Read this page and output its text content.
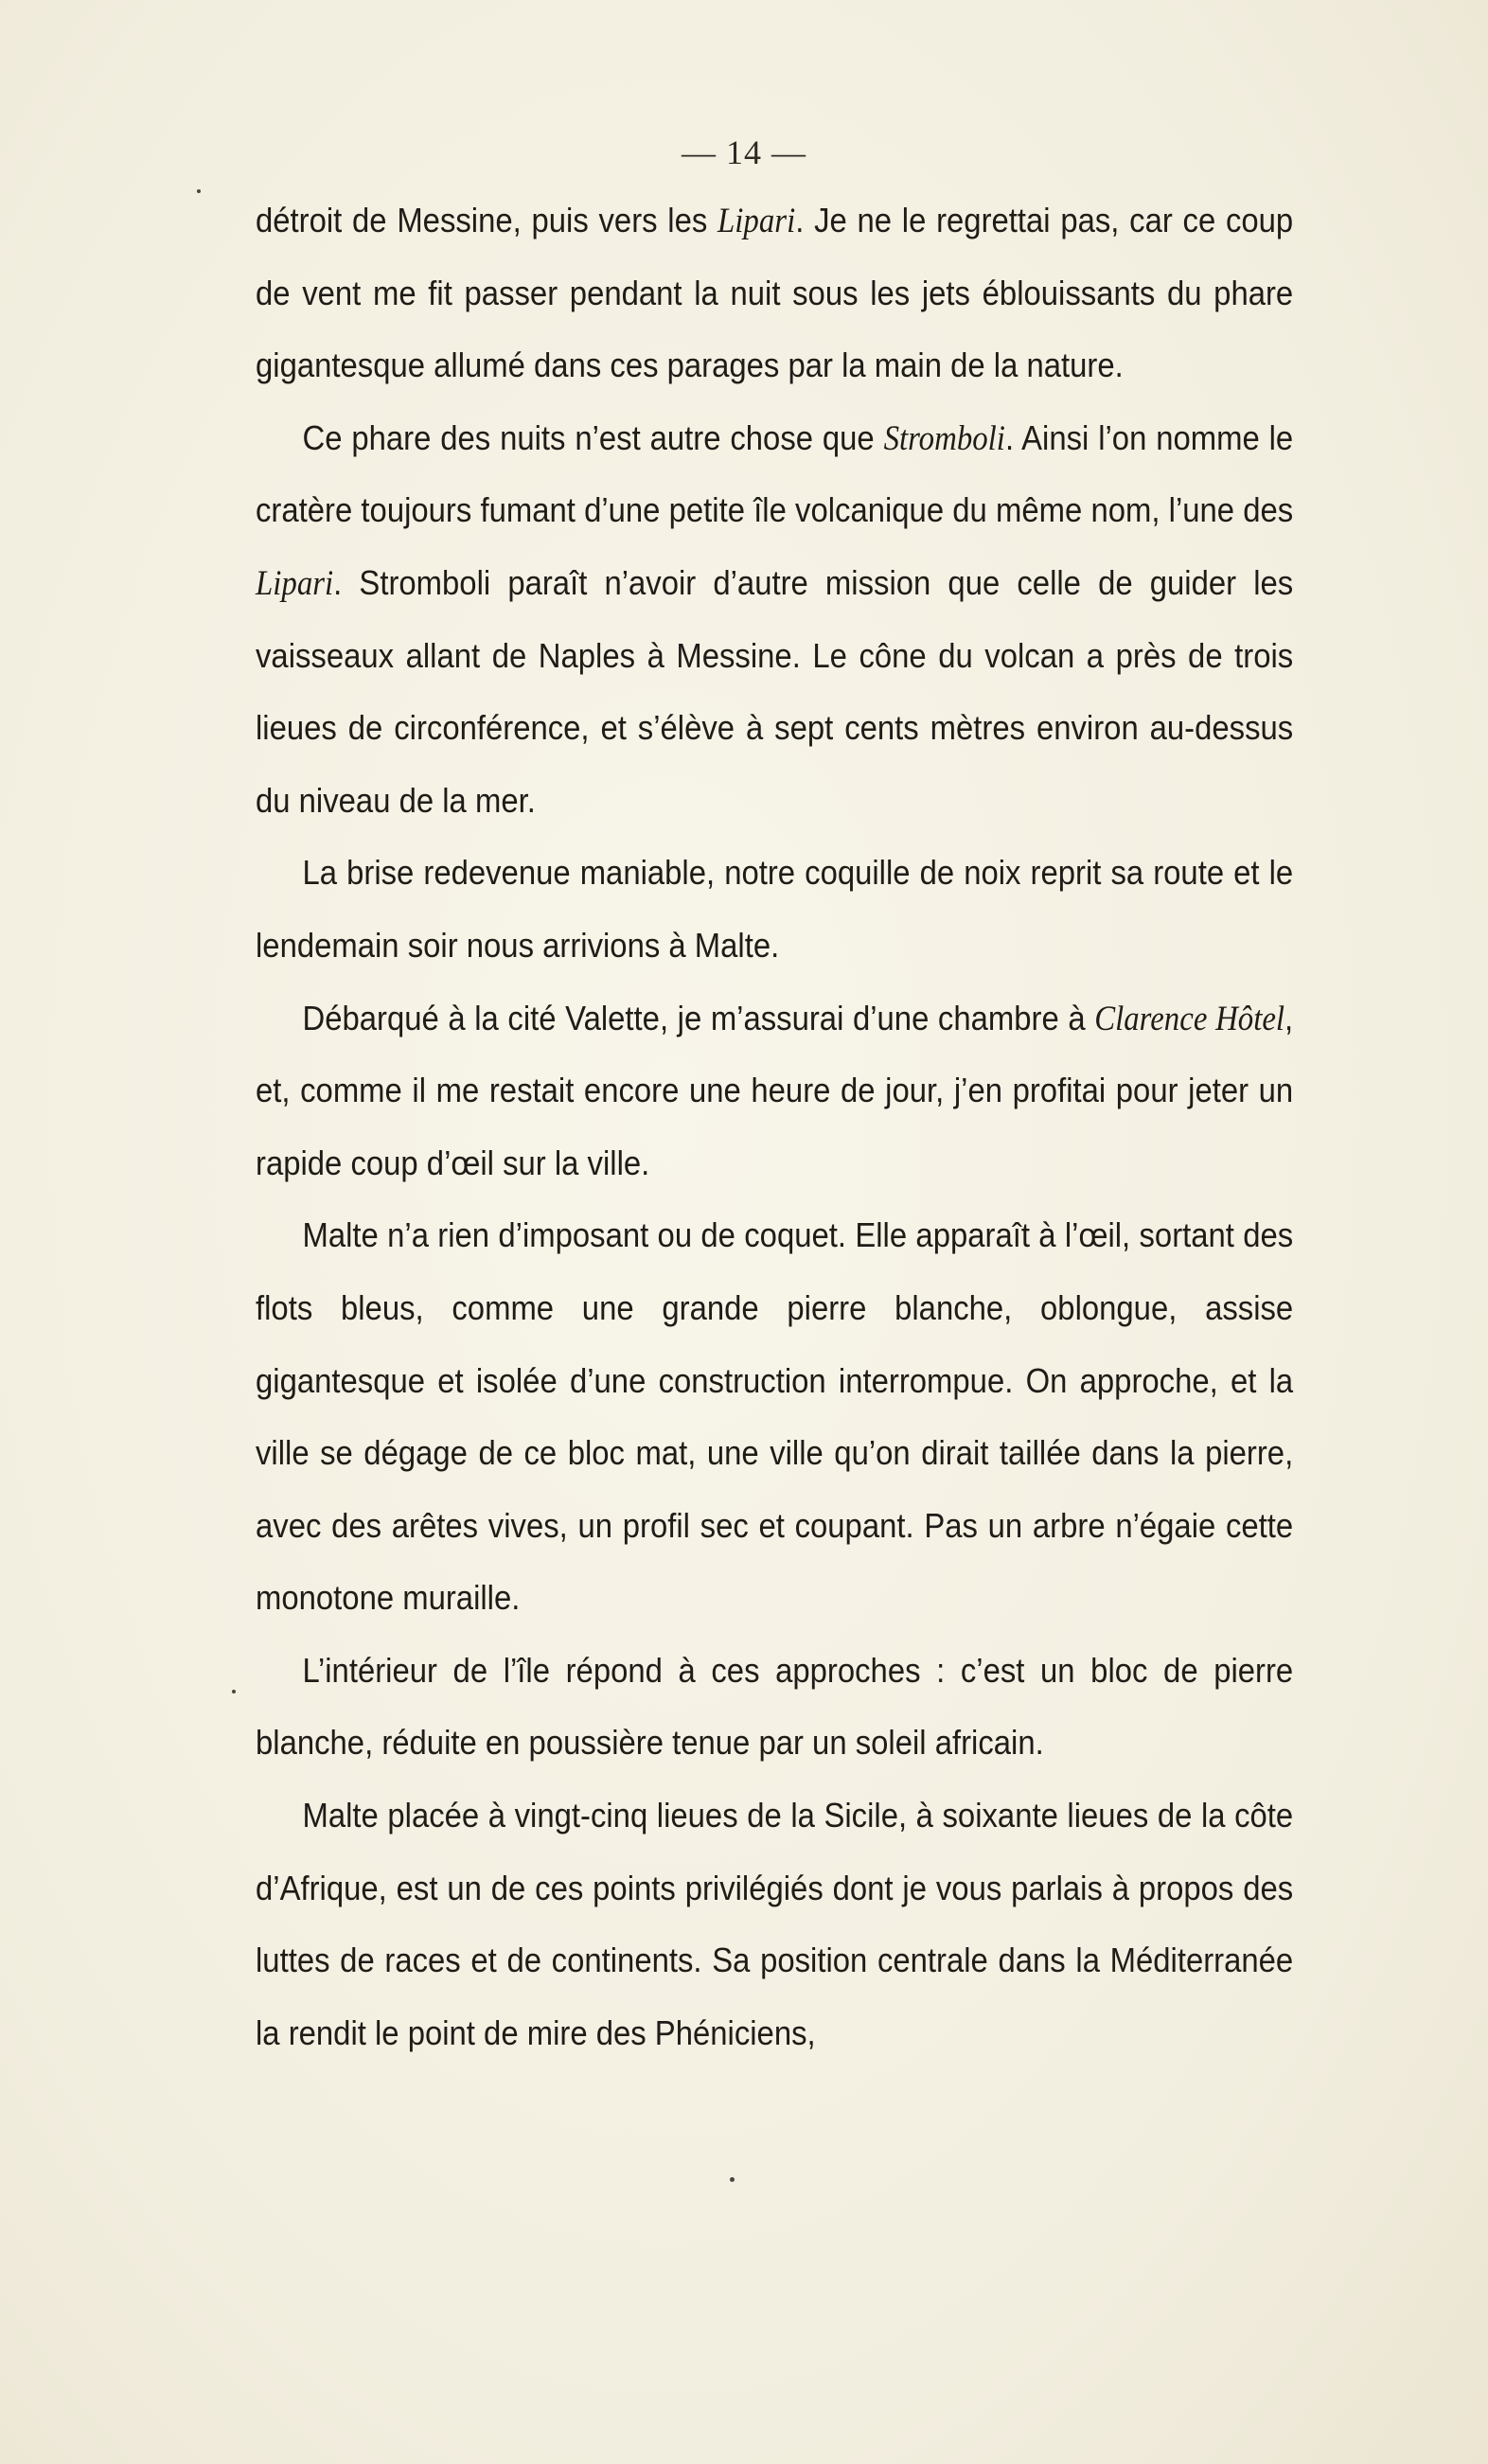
— 14 —

détroit de Messine, puis vers les Lipari. Je ne le regrettai pas, car ce coup de vent me fit passer pendant la nuit sous les jets éblouissants du phare gigantesque allumé dans ces parages par la main de la nature.

Ce phare des nuits n’est autre chose que Stromboli. Ainsi l’on nomme le cratère toujours fumant d’une petite île volcanique du même nom, l’une des Lipari. Stromboli paraît n’avoir d’autre mission que celle de guider les vaisseaux allant de Naples à Messine. Le cône du volcan a près de trois lieues de circonférence, et s’élève à sept cents mètres environ au-dessus du niveau de la mer.

La brise redevenue maniable, notre coquille de noix reprit sa route et le lendemain soir nous arrivions à Malte.

Débarqué à la cité Valette, je m’assurai d’une chambre à Clarence Hôtel, et, comme il me restait encore une heure de jour, j’en profitai pour jeter un rapide coup d’œil sur la ville.

Malte n’a rien d’imposant ou de coquet. Elle apparaît à l’œil, sortant des flots bleus, comme une grande pierre blanche, oblongue, assise gigantesque et isolée d’une construction interrompue. On approche, et la ville se dégage de ce bloc mat, une ville qu’on dirait taillée dans la pierre, avec des arêtes vives, un profil sec et coupant. Pas un arbre n’égaie cette monotone muraille.

L’intérieur de l’île répond à ces approches : c’est un bloc de pierre blanche, réduite en poussière tenue par un soleil africain.

Malte placée à vingt-cinq lieues de la Sicile, à soixante lieues de la côte d’Afrique, est un de ces points privilégiés dont je vous parlais à propos des luttes de races et de continents. Sa position centrale dans la Méditerranée la rendit le point de mire des Phéniciens,
